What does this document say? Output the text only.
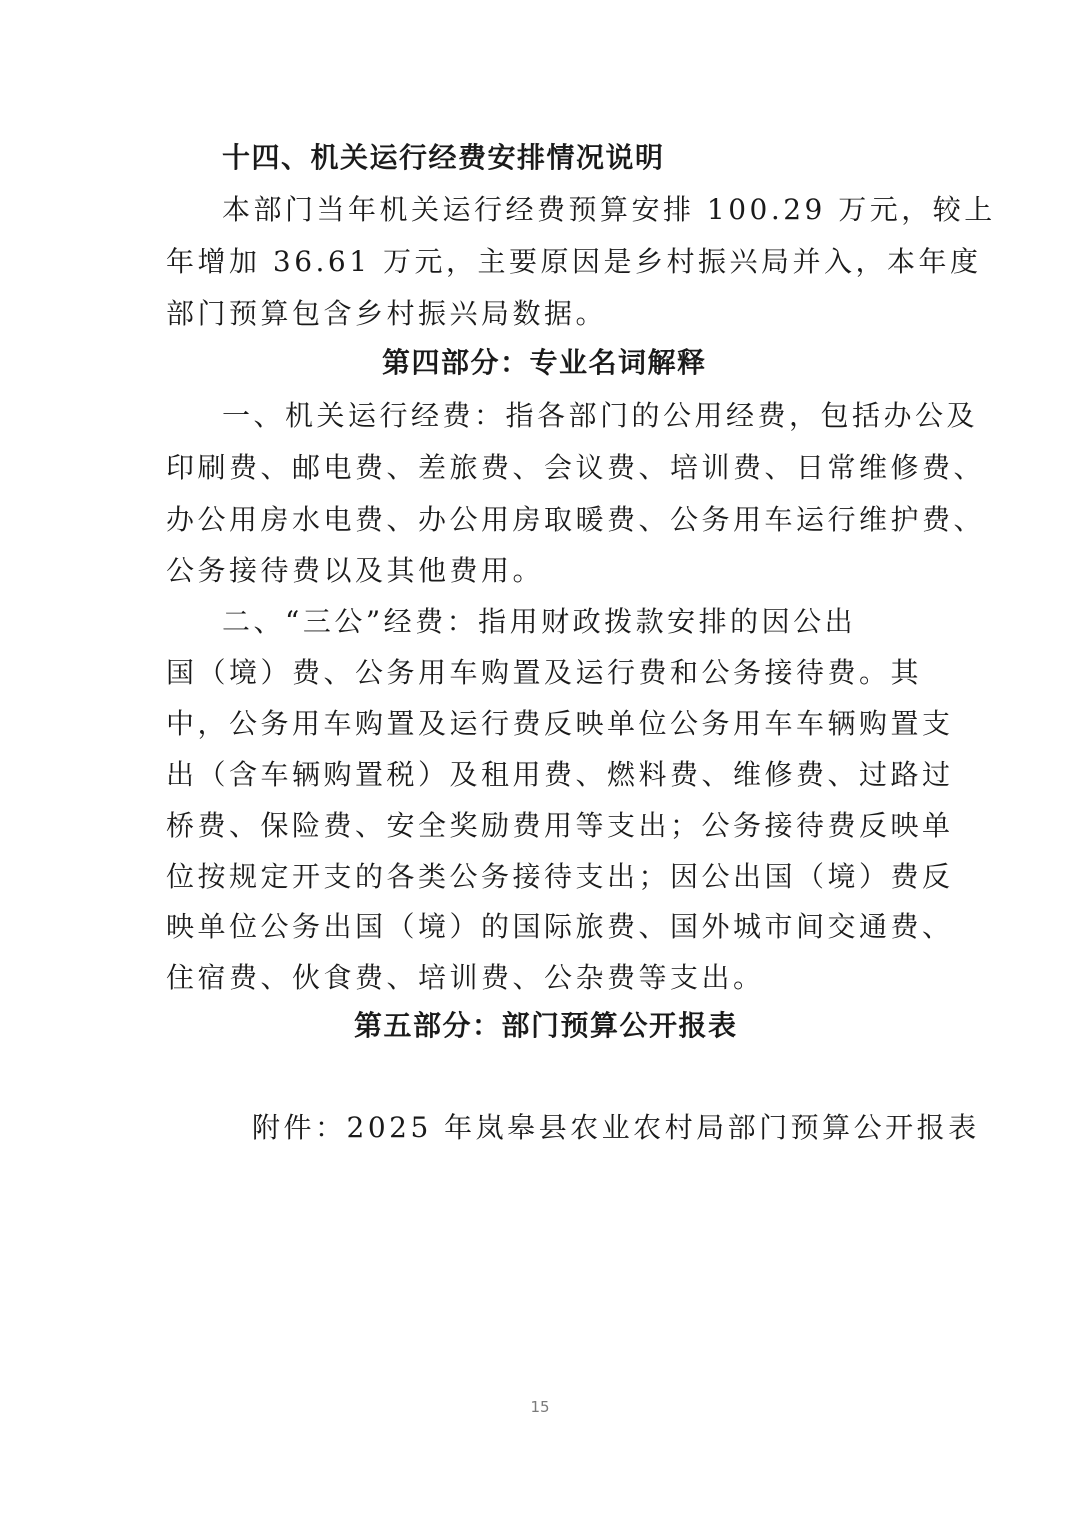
十四、机关运行经费安排情况说明
本部门当年机关运行经费预算安排 100.29 万元，较上
年增加 36.61 万元，主要原因是乡村振兴局并入，本年度
部门预算包含乡村振兴局数据。
第四部分：专业名词解释
一、机关运行经费：指各部门的公用经费，包括办公及
印刷费、邮电费、差旅费、会议费、培训费、日常维修费、
办公用房水电费、办公用房取暖费、公务用车运行维护费、
公务接待费以及其他费用。
二、“三公”经费：指用财政拨款安排的因公出
国（境）费、公务用车购置及运行费和公务接待费。其
中，公务用车购置及运行费反映单位公务用车车辆购置支
出（含车辆购置税）及租用费、燃料费、维修费、过路过
桥费、保险费、安全奖励费用等支出；公务接待费反映单
位按规定开支的各类公务接待支出；因公出国（境）费反
映单位公务出国（境）的国际旅费、国外城市间交通费、
住宿费、伙食费、培训费、公杂费等支出。
第五部分：部门预算公开报表
附件：2025 年岚皋县农业农村局部门预算公开报表
15
